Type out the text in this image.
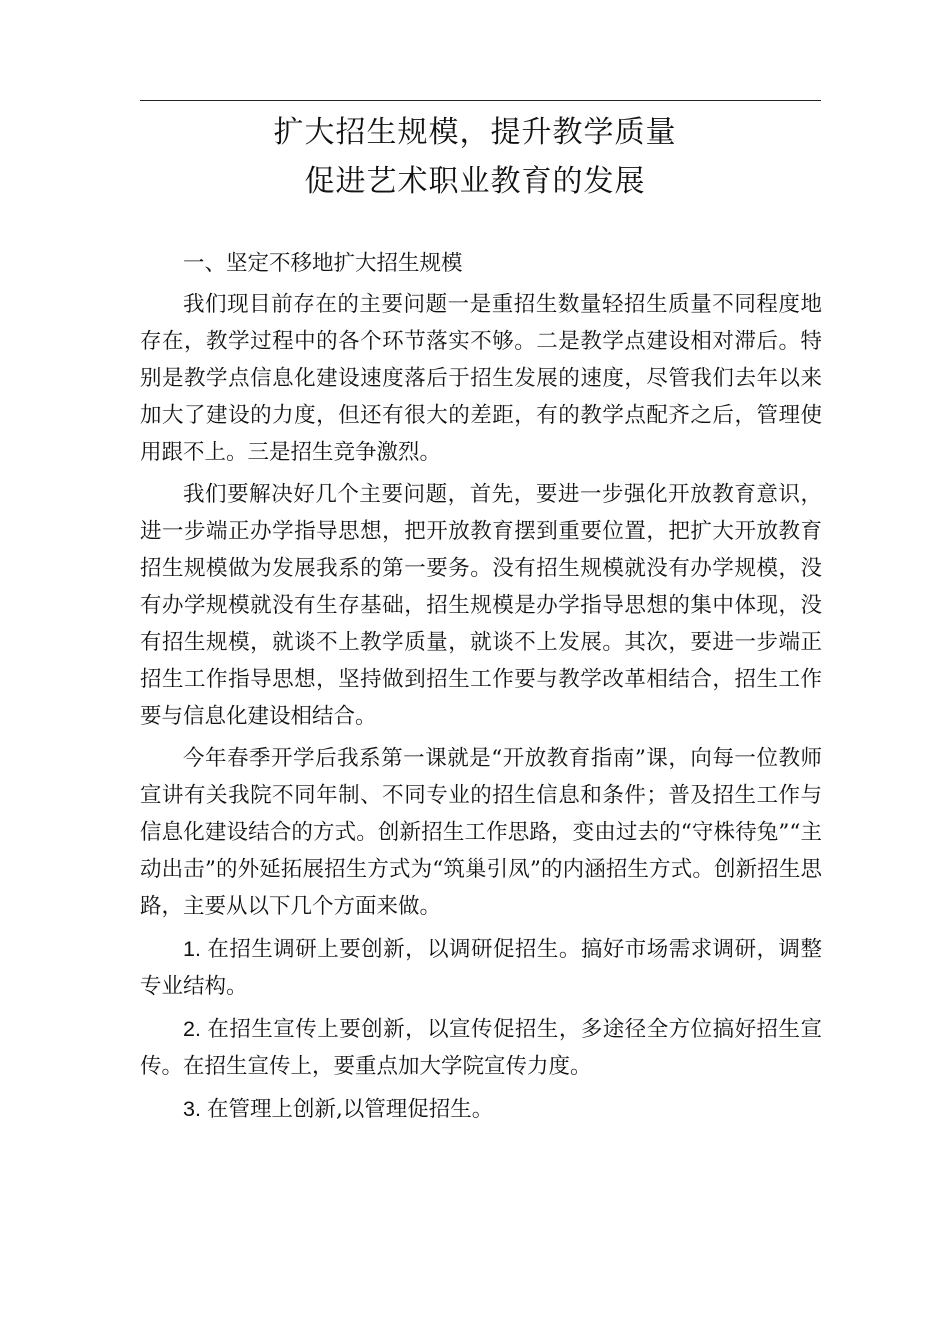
扩大招生规模，提升教学质量
促进艺术职业教育的发展

一、坚定不移地扩大招生规模

我们现目前存在的主要问题一是重招生数量轻招生质量不同程度地存在，教学过程中的各个环节落实不够。二是教学点建设相对滞后。特别是教学点信息化建设速度落后于招生发展的速度，尽管我们去年以来加大了建设的力度，但还有很大的差距，有的教学点配齐之后，管理使用跟不上。三是招生竞争激烈。

我们要解决好几个主要问题，首先，要进一步强化开放教育意识，进一步端正办学指导思想，把开放教育摆到重要位置，把扩大开放教育招生规模做为发展我系的第一要务。没有招生规模就没有办学规模，没有办学规模就没有生存基础，招生规模是办学指导思想的集中体现，没有招生规模，就谈不上教学质量，就谈不上发展。其次，要进一步端正招生工作指导思想，坚持做到招生工作要与教学改革相结合，招生工作要与信息化建设相结合。

今年春季开学后我系第一课就是“开放教育指南”课，向每一位教师宣讲有关我院不同年制、不同专业的招生信息和条件；普及招生工作与信息化建设结合的方式。创新招生工作思路，变由过去的“守株待兔”“主动出击”的外延拓展招生方式为“筑巢引凤”的内涵招生方式。创新招生思路，主要从以下几个方面来做。

1. 在招生调研上要创新，以调研促招生。搞好市场需求调研，调整专业结构。

2. 在招生宣传上要创新，以宣传促招生，多途径全方位搞好招生宣传。在招生宣传上，要重点加大学院宣传力度。

3. 在管理上创新,以管理促招生。
